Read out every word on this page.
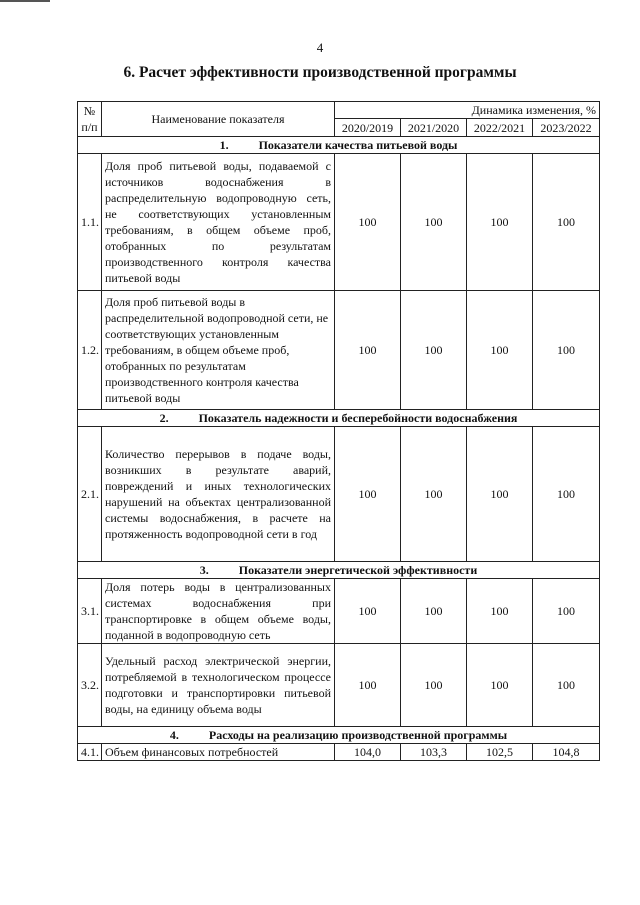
4
6. Расчет эффективности производственной программы
№
п/п	Наименование показателя	Динамика изменения, %			
		2020/2019	2021/2020	2022/2021	2023/2022
1. Показатели качества питьевой воды					
1.1.	Доля проб питьевой воды, подаваемой с источников водоснабжения в распределительную водопроводную сеть, не соответствующих установленным требованиям, в общем объеме проб, отобранных по результатам производственного контроля качества питьевой воды	100	100	100	100
1.2.	Доля проб питьевой воды в распределительной водопроводной сети, не соответствующих установленным требованиям, в общем объеме проб, отобранных по результатам производственного контроля качества питьевой воды	100	100	100	100
2. Показатель надежности и бесперебойности водоснабжения					
2.1.	Количество перерывов в подаче воды, возникших в результате аварий, повреждений и иных технологических нарушений на объектах централизованной системы водоснабжения, в расчете на протяженность водопроводной сети в год	100	100	100	100
3. Показатели энергетической эффективности					
3.1.	Доля потерь воды в централизованных системах водоснабжения при транспортировке в общем объеме воды, поданной в водопроводную сеть	100	100	100	100
3.2.	Удельный расход электрической энергии, потребляемой в технологическом процессе подготовки и транспортировки питьевой воды, на единицу объема воды	100	100	100	100
4. Расходы на реализацию производственной программы					
4.1.	Объем финансовых потребностей	104,0	103,3	102,5	104,8
